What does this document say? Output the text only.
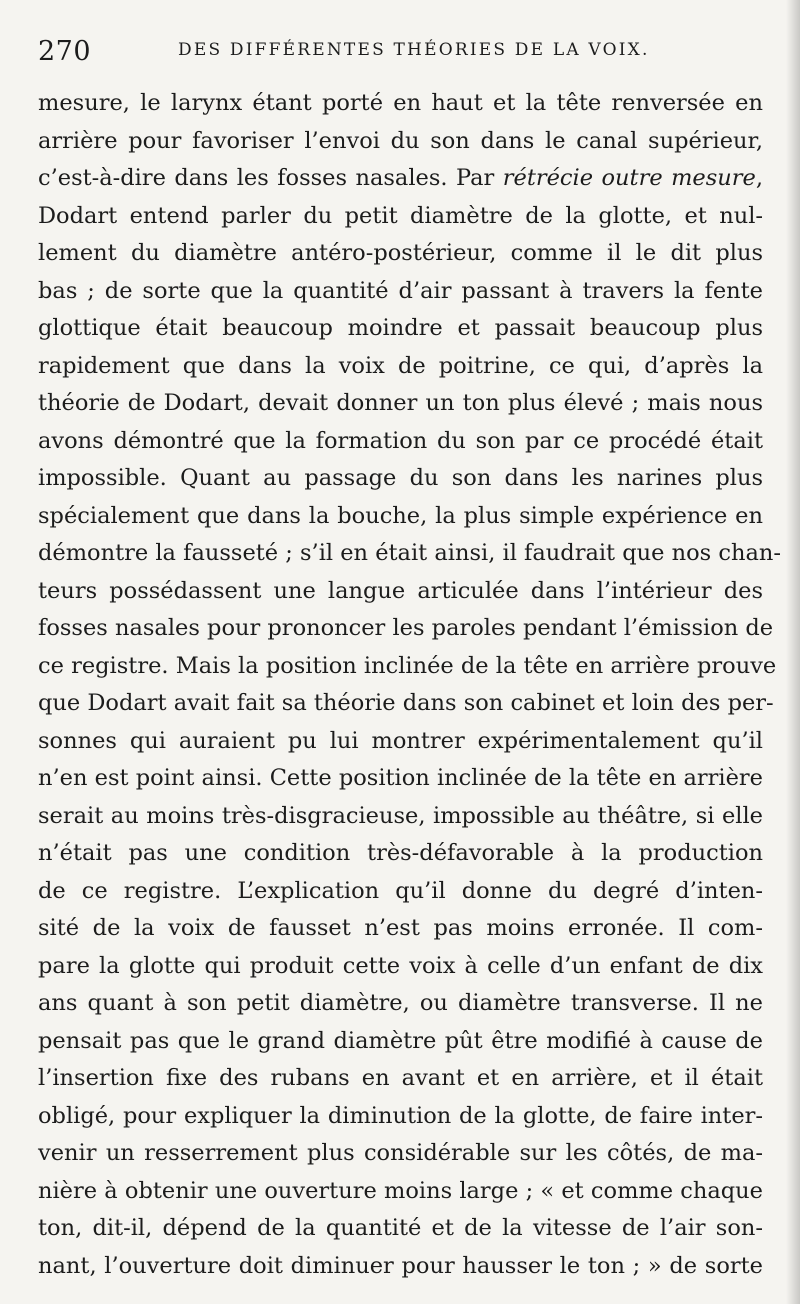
270	DES DIFFÉRENTES THÉORIES DE LA VOIX.
mesure, le larynx étant porté en haut et la tête renversée en
arrière pour favoriser l’envoi du son dans le canal supérieur,
c’est-à-dire dans les fosses nasales. Par rétrécie outre mesure,
Dodart entend parler du petit diamètre de la glotte, et nul-
lement du diamètre antéro-postérieur, comme il le dit plus
bas ; de sorte que la quantité d’air passant à travers la fente
glottique était beaucoup moindre et passait beaucoup plus
rapidement que dans la voix de poitrine, ce qui, d’après la
théorie de Dodart, devait donner un ton plus élevé ; mais nous
avons démontré que la formation du son par ce procédé était
impossible. Quant au passage du son dans les narines plus
spécialement que dans la bouche, la plus simple expérience en
démontre la fausseté ; s’il en était ainsi, il faudrait que nos chan-
teurs possédassent une langue articulée dans l’intérieur des
fosses nasales pour prononcer les paroles pendant l’émission de
ce registre. Mais la position inclinée de la tête en arrière prouve
que Dodart avait fait sa théorie dans son cabinet et loin des per-
sonnes qui auraient pu lui montrer expérimentalement qu’il
n’en est point ainsi. Cette position inclinée de la tête en arrière
serait au moins très-disgracieuse, impossible au théâtre, si elle
n’était pas une condition très-défavorable à la production
de ce registre. L’explication qu’il donne du degré d’inten-
sité de la voix de fausset n’est pas moins erronée. Il com-
pare la glotte qui produit cette voix à celle d’un enfant de dix
ans quant à son petit diamètre, ou diamètre transverse. Il ne
pensait pas que le grand diamètre pût être modifié à cause de
l’insertion fixe des rubans en avant et en arrière, et il était
obligé, pour expliquer la diminution de la glotte, de faire inter-
venir un resserrement plus considérable sur les côtés, de ma-
nière à obtenir une ouverture moins large ; « et comme chaque
ton, dit-il, dépend de la quantité et de la vitesse de l’air son-
nant, l’ouverture doit diminuer pour hausser le ton ; » de sorte
